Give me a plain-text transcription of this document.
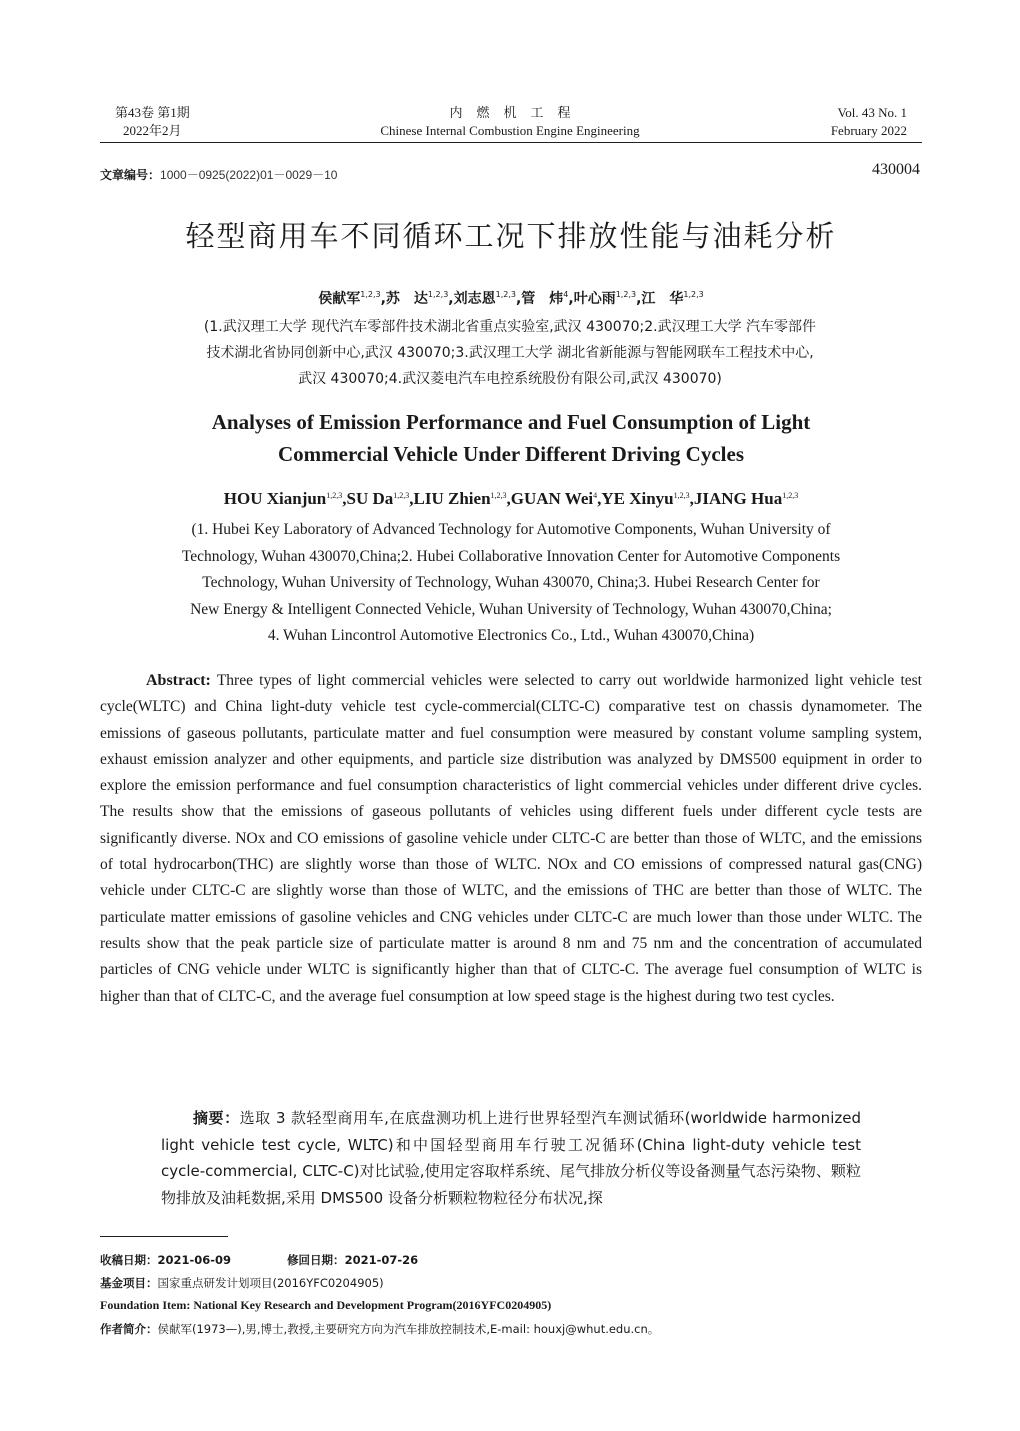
第43卷 第1期
2022年2月
内燃机工程
Chinese Internal Combustion Engine Engineering
Vol. 43 No. 1
February 2022
文章编号：1000－0925(2022)01－0029－10	430004
轻型商用车不同循环工况下排放性能与油耗分析
侯献军$^{1,2,3}$,苏　达$^{1,2,3}$,刘志恩$^{1,2,3}$,管　炜$^4$,叶心雨$^{1,2,3}$,江　华$^{1,2,3}$
(1.武汉理工大学 现代汽车零部件技术湖北省重点实验室,武汉 430070;2.武汉理工大学 汽车零部件
技术湖北省协同创新中心,武汉 430070;3.武汉理工大学 湖北省新能源与智能网联车工程技术中心,
武汉 430070;4.武汉菱电汽车电控系统股份有限公司,武汉 430070)
Analyses of Emission Performance and Fuel Consumption of Light
Commercial Vehicle Under Different Driving Cycles
HOU Xianjun$^{1,2,3}$,SU Da$^{1,2,3}$,LIU Zhien$^{1,2,3}$,GUAN Wei$^4$,YE Xinyu$^{1,2,3}$,JIANG Hua$^{1,2,3}$
(1. Hubei Key Laboratory of Advanced Technology for Automotive Components, Wuhan University of
Technology, Wuhan 430070,China;2. Hubei Collaborative Innovation Center for Automotive Components
Technology, Wuhan University of Technology, Wuhan 430070, China;3. Hubei Research Center for
New Energy & Intelligent Connected Vehicle, Wuhan University of Technology, Wuhan 430070,China;
4. Wuhan Lincontrol Automotive Electronics Co., Ltd., Wuhan 430070,China)
Abstract: Three types of light commercial vehicles were selected to carry out worldwide harmonized light vehicle test cycle(WLTC) and China light-duty vehicle test cycle-commercial(CLTC-C) comparative test on chassis dynamometer. The emissions of gaseous pollutants, particulate matter and fuel consumption were measured by constant volume sampling system, exhaust emission analyzer and other equipments, and particle size distribution was analyzed by DMS500 equipment in order to explore the emission performance and fuel consumption characteristics of light commercial vehicles under different drive cycles. The results show that the emissions of gaseous pollutants of vehicles using different fuels under different cycle tests are significantly diverse. NOx and CO emissions of gasoline vehicle under CLTC-C are better than those of WLTC, and the emissions of total hydrocarbon(THC) are slightly worse than those of WLTC. NOx and CO emissions of compressed natural gas(CNG) vehicle under CLTC-C are slightly worse than those of WLTC, and the emissions of THC are better than those of WLTC. The particulate matter emissions of gasoline vehicles and CNG vehicles under CLTC-C are much lower than those under WLTC. The results show that the peak particle size of particulate matter is around 8 nm and 75 nm and the concentration of accumulated particles of CNG vehicle under WLTC is significantly higher than that of CLTC-C. The average fuel consumption of WLTC is higher than that of CLTC-C, and the average fuel consumption at low speed stage is the highest during two test cycles.
摘要：选取 3 款轻型商用车,在底盘测功机上进行世界轻型汽车测试循环(worldwide harmonized light vehicle test cycle, WLTC)和中国轻型商用车行驶工况循环(China light-duty vehicle test cycle-commercial, CLTC-C)对比试验,使用定容取样系统、尾气排放分析仪等设备测量气态污染物、颗粒物排放及油耗数据,采用 DMS500 设备分析颗粒物粒径分布状况,探
收稿日期：2021-06-09	修回日期：2021-07-26
基金项目：国家重点研发计划项目(2016YFC0204905)
Foundation Item: National Key Research and Development Program(2016YFC0204905)
作者简介：侯献军(1973—),男,博士,教授,主要研究方向为汽车排放控制技术,E-mail: houxj@whut.edu.cn。
